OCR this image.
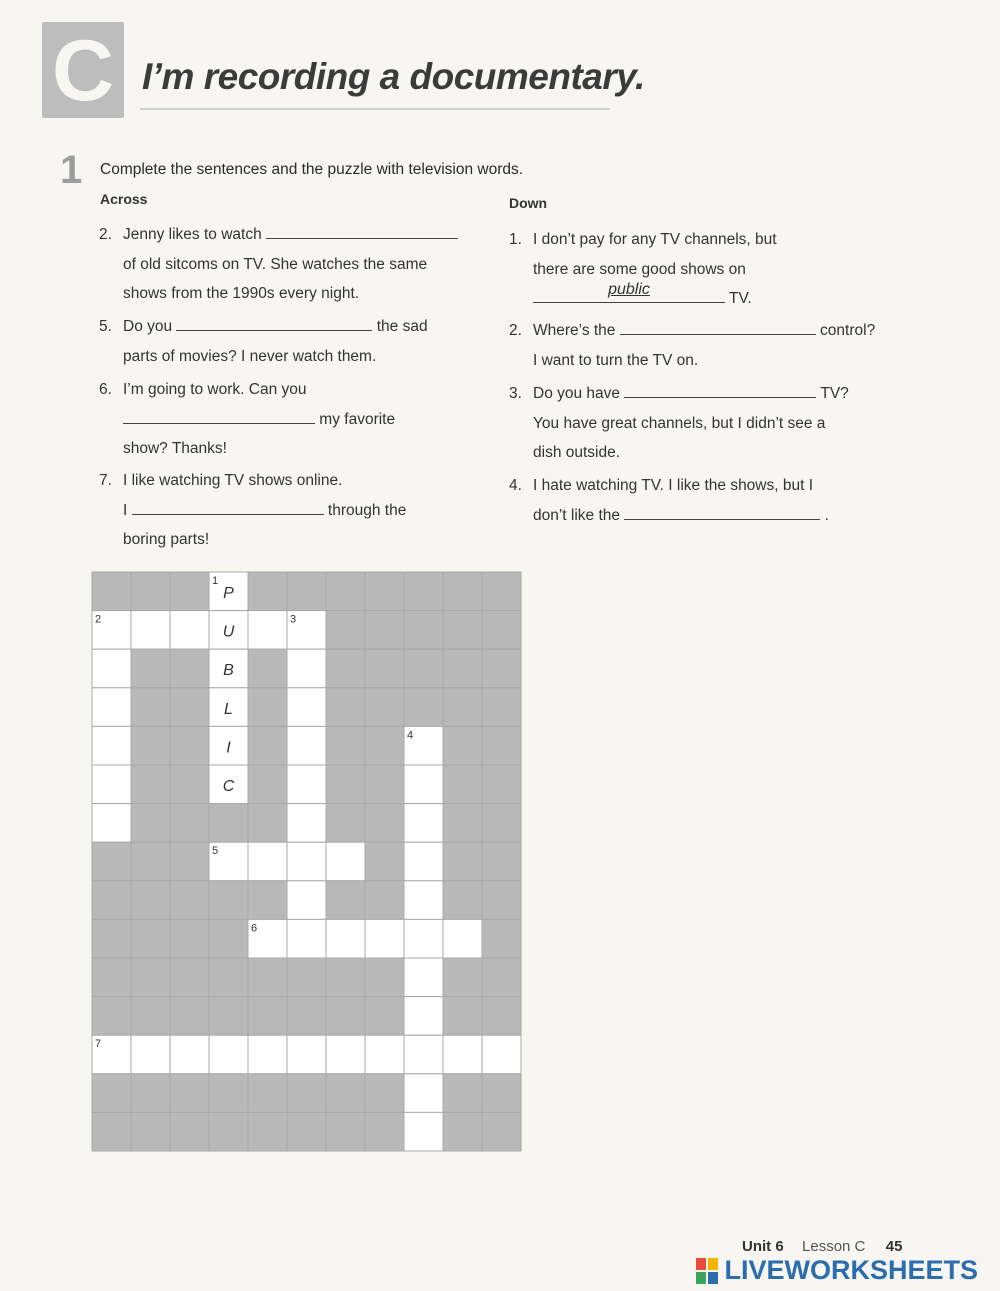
C I’m recording a documentary.
1 Complete the sentences and the puzzle with television words.
Across	Down
2. Jenny likes to watch
of old sitcoms on TV. She watches the same
shows from the 1990s every night.
5. Do you	the sad
parts of movies? I never watch them.
6. I’m going to work. Can you
my favorite
show? Thanks!
7. I like watching TV shows online.
I	through the
boring parts!
1. I don’t pay for any TV channels, but
there are some good shows on
public
TV.
2. Where’s the	control?
I want to turn the TV on.
3. Do you have	TV?
You have great channels, but I didn’t see a
dish outside.
4. I hate watching TV. I like the shows, but I
don’t like the	.
1
2	3
4
5
6
7
P
U
B
L
I
C
Unit 6 Lesson C 45
LIVEWORKSHEETS
